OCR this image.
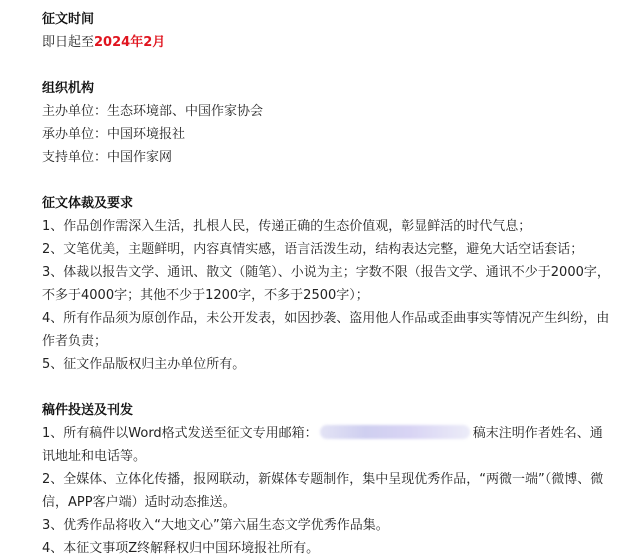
征文时间
即日起至2024年2月
组织机构
主办单位：生态环境部、中国作家协会
承办单位：中国环境报社
支持单位：中国作家网
征文体裁及要求
1、作品创作需深入生活，扎根人民，传递正确的生态价值观，彰显鲜活的时代气息；
2、文笔优美，主题鲜明，内容真情实感，语言活泼生动，结构表达完整，避免大话空话套话；
3、体裁以报告文学、通讯、散文（随笔）、小说为主；字数不限（报告文学、通讯不少于2000字，不多于4000字；其他不少于1200字，不多于2500字）；
4、所有作品须为原创作品，未公开发表，如因抄袭、盗用他人作品或歪曲事实等情况产生纠纷，由作者负责；
5、征文作品版权归主办单位所有。
稿件投送及刊发
1、所有稿件以Word格式发送至征文专用邮箱：	稿末注明作者姓名、通讯地址和电话等。
2、全媒体、立体化传播，报网联动，新媒体专题制作，集中呈现优秀作品，“两微一端”（微博、微信，APP客户端）适时动态推送。
3、优秀作品将收入“大地文心”第六届生态文学优秀作品集。
4、本征文事项Z终解释权归中国环境报社所有。
